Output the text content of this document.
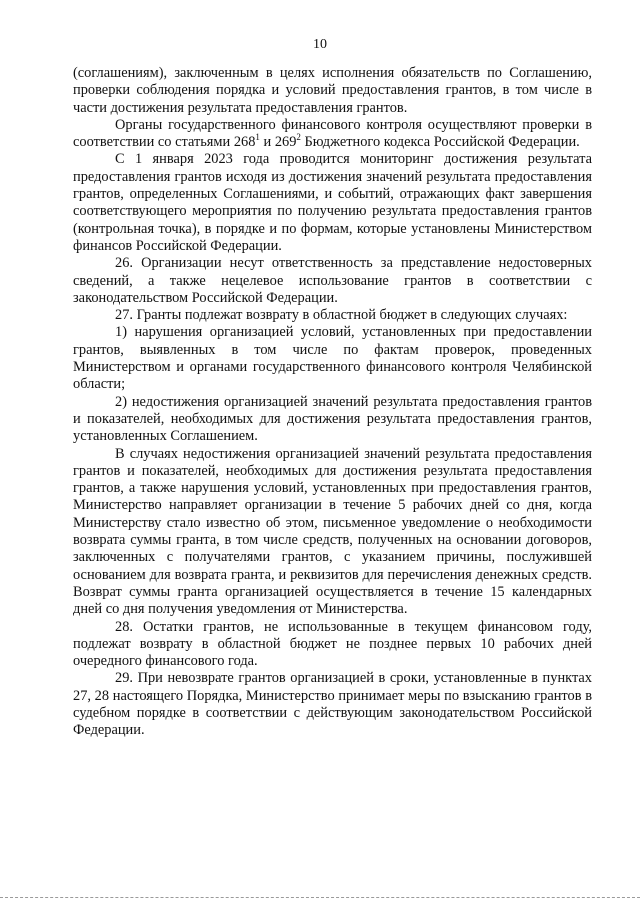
10

(соглашениям), заключенным в целях исполнения обязательств по Соглашению, проверки соблюдения порядка и условий предоставления грантов, в том числе в части достижения результата предоставления грантов.

Органы государственного финансового контроля осуществляют проверки в соответствии со статьями $268^1$ и $269^2$ Бюджетного кодекса Российской Федерации.

С 1 января 2023 года проводится мониторинг достижения результата предоставления грантов исходя из достижения значений результата предоставления грантов, определенных Соглашениями, и событий, отражающих факт завершения соответствующего мероприятия по получению результата предоставления грантов (контрольная точка), в порядке и по формам, которые установлены Министерством финансов Российской Федерации.

26. Организации несут ответственность за представление недостоверных сведений, а также нецелевое использование грантов в соответствии с законодательством Российской Федерации.

27. Гранты подлежат возврату в областной бюджет в следующих случаях:

1) нарушения организацией условий, установленных при предоставлении грантов, выявленных в том числе по фактам проверок, проведенных Министерством и органами государственного финансового контроля Челябинской области;

2) недостижения организацией значений результата предоставления грантов и показателей, необходимых для достижения результата предоставления грантов, установленных Соглашением.

В случаях недостижения организацией значений результата предоставления грантов и показателей, необходимых для достижения результата предоставления грантов, а также нарушения условий, установленных при предоставления грантов, Министерство направляет организации в течение 5 рабочих дней со дня, когда Министерству стало известно об этом, письменное уведомление о необходимости возврата суммы гранта, в том числе средств, полученных на основании договоров, заключенных с получателями грантов, с указанием причины, послужившей основанием для возврата гранта, и реквизитов для перечисления денежных средств. Возврат суммы гранта организацией осуществляется в течение 15 календарных дней со дня получения уведомления от Министерства.

28. Остатки грантов, не использованные в текущем финансовом году, подлежат возврату в областной бюджет не позднее первых 10 рабочих дней очередного финансового года.

29. При невозврате грантов организацией в сроки, установленные в пунктах 27, 28 настоящего Порядка, Министерство принимает меры по взысканию грантов в судебном порядке в соответствии с действующим законодательством Российской Федерации.
